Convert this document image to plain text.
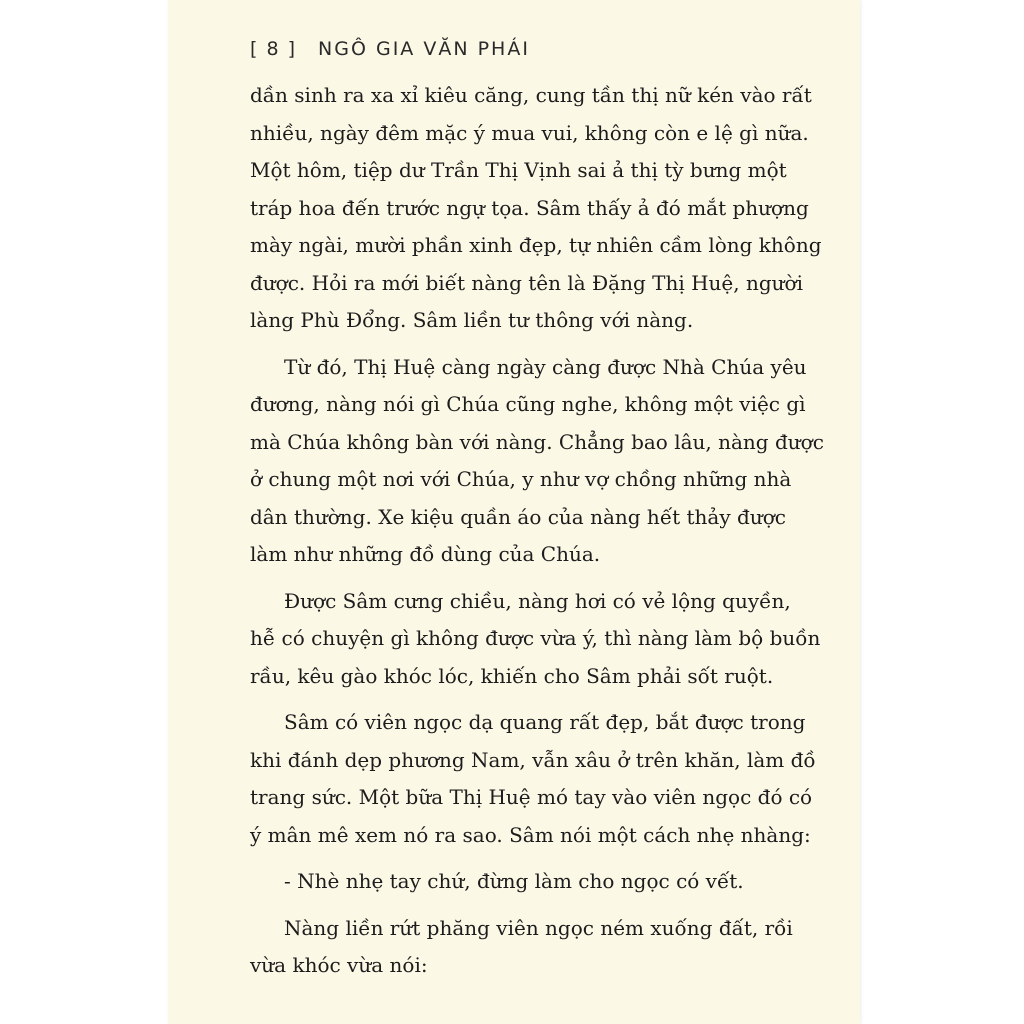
[ 8 ] NGÔ GIA VĂN PHÁI
dần sinh ra xa xỉ kiêu căng, cung tần thị nữ kén vào rất
nhiều, ngày đêm mặc ý mua vui, không còn e lệ gì nữa.
Một hôm, tiệp dư Trần Thị Vịnh sai ả thị tỳ bưng một
tráp hoa đến trước ngự tọa. Sâm thấy ả đó mắt phượng
mày ngài, mười phần xinh đẹp, tự nhiên cầm lòng không
được. Hỏi ra mới biết nàng tên là Đặng Thị Huệ, người
làng Phù Đổng. Sâm liền tư thông với nàng.
Từ đó, Thị Huệ càng ngày càng được Nhà Chúa yêu
đương, nàng nói gì Chúa cũng nghe, không một việc gì
mà Chúa không bàn với nàng. Chẳng bao lâu, nàng được
ở chung một nơi với Chúa, y như vợ chồng những nhà
dân thường. Xe kiệu quần áo của nàng hết thảy được
làm như những đồ dùng của Chúa.
Được Sâm cưng chiều, nàng hơi có vẻ lộng quyền,
hễ có chuyện gì không được vừa ý, thì nàng làm bộ buồn
rầu, kêu gào khóc lóc, khiến cho Sâm phải sốt ruột.
Sâm có viên ngọc dạ quang rất đẹp, bắt được trong
khi đánh dẹp phương Nam, vẫn xâu ở trên khăn, làm đồ
trang sức. Một bữa Thị Huệ mó tay vào viên ngọc đó có
ý mân mê xem nó ra sao. Sâm nói một cách nhẹ nhàng:
- Nhè nhẹ tay chứ, đừng làm cho ngọc có vết.
Nàng liền rứt phăng viên ngọc ném xuống đất, rồi
vừa khóc vừa nói:
